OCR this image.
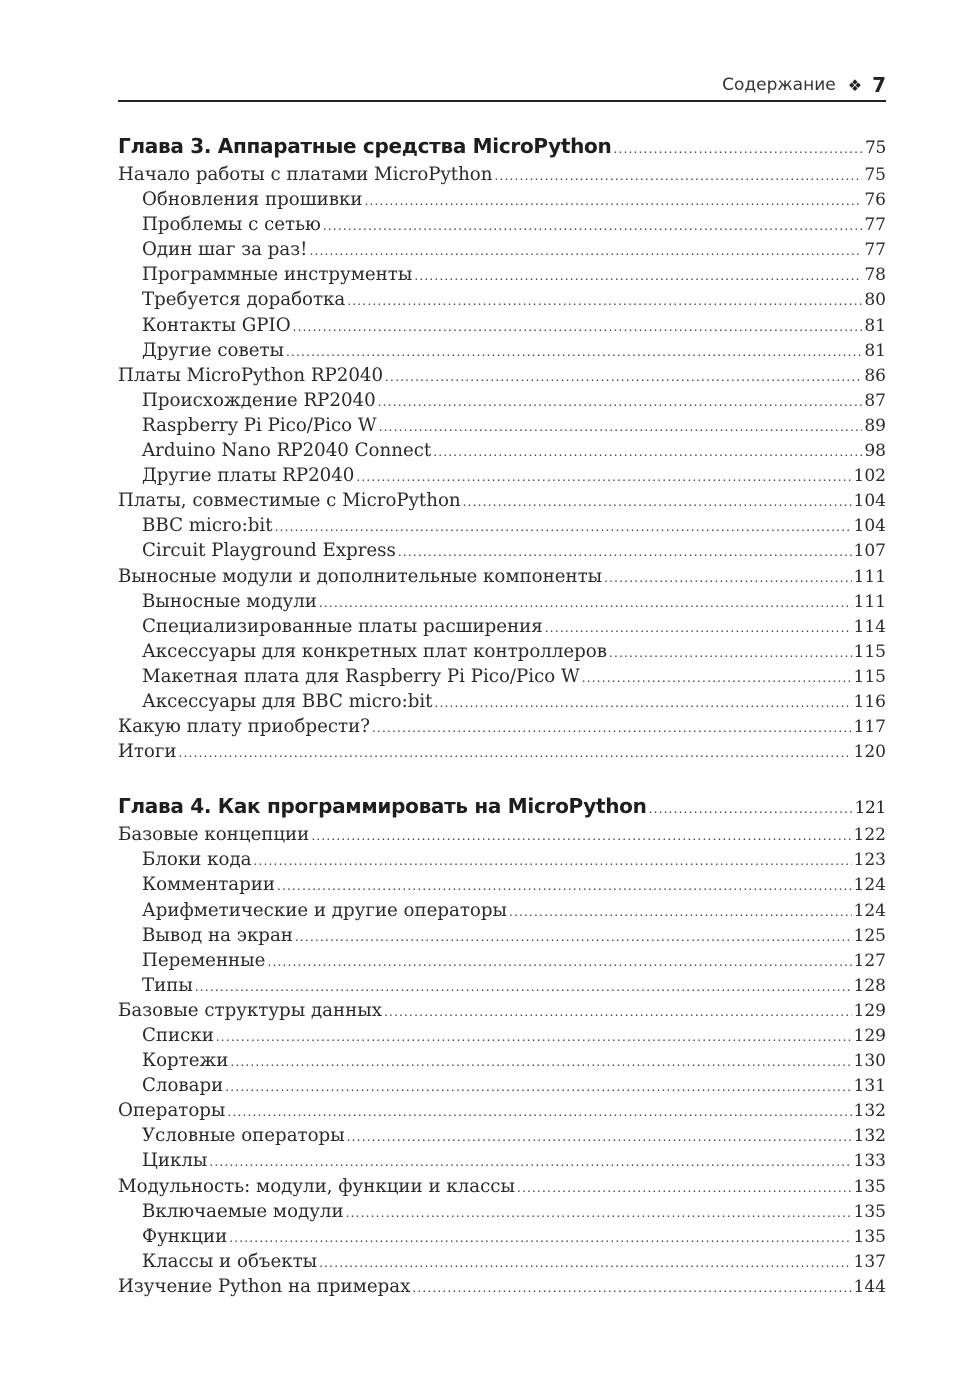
Содержание ❖ 7
Глава 3. Аппаратные средства MicroPython .....	75
Начало работы с платами MicroPython .....	75
Обновления прошивки .....	76
Проблемы с сетью .....	77
Один шаг за раз! .....	77
Программные инструменты .....	78
Требуется доработка .....	80
Контакты GPIO .....	81
Другие советы .....	81
Платы MicroPython RP2040 .....	86
Происхождение RP2040 .....	87
Raspberry Pi Pico/Pico W .....	89
Arduino Nano RP2040 Connect .....	98
Другие платы RP2040 .....	102
Платы, совместимые с MicroPython .....	104
BBC micro:bit .....	104
Circuit Playground Express .....	107
Выносные модули и дополнительные компоненты .....	111
Выносные модули .....	111
Специализированные платы расширения .....	114
Аксессуары для конкретных плат контроллеров .....	115
Макетная плата для Raspberry Pi Pico/Pico W .....	115
Аксессуары для BBC micro:bit .....	116
Какую плату приобрести? .....	117
Итоги .....	120
Глава 4. Как программировать на MicroPython .....	121
Базовые концепции .....	122
Блоки кода .....	123
Комментарии .....	124
Арифметические и другие операторы .....	124
Вывод на экран .....	125
Переменные .....	127
Типы .....	128
Базовые структуры данных .....	129
Списки .....	129
Кортежи .....	130
Словари .....	131
Операторы .....	132
Условные операторы .....	132
Циклы .....	133
Модульность: модули, функции и классы .....	135
Включаемые модули .....	135
Функции .....	135
Классы и объекты .....	137
Изучение Python на примерах .....	144
